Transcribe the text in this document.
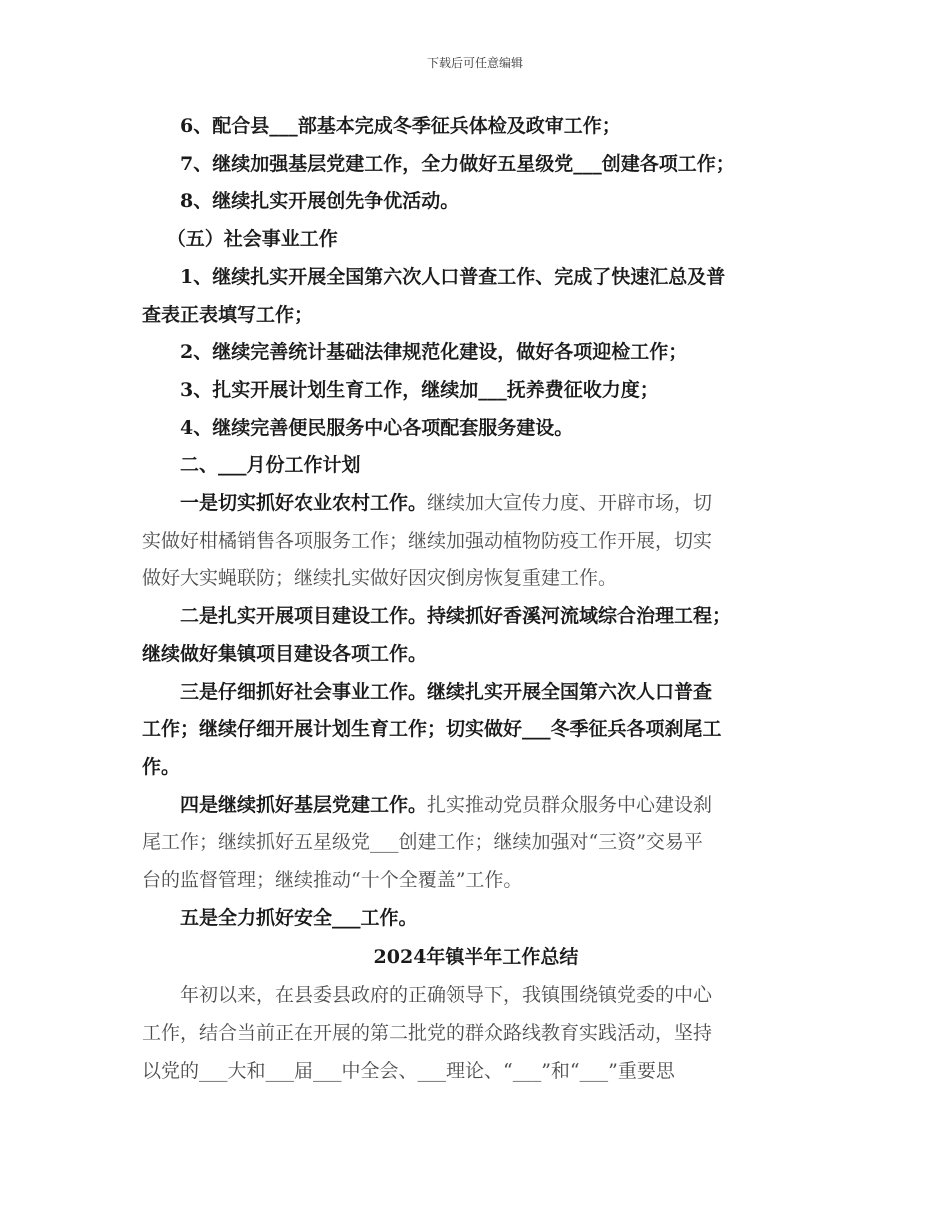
下载后可任意编辑

6、配合县___部基本完成冬季征兵体检及政审工作；

7、继续加强基层党建工作，全力做好五星级党___创建各项工作；

8、继续扎实开展创先争优活动。

（五）社会事业工作

1、继续扎实开展全国第六次人口普查工作、完成了快速汇总及普

查表正表填写工作；

2、继续完善统计基础法律规范化建设，做好各项迎检工作；

3、扎实开展计划生育工作，继续加___抚养费征收力度；

4、继续完善便民服务中心各项配套服务建设。

二、___月份工作计划

一是切实抓好农业农村工作。继续加大宣传力度、开辟市场，切

实做好柑橘销售各项服务工作；继续加强动植物防疫工作开展，切实

做好大实蝇联防；继续扎实做好因灾倒房恢复重建工作。

二是扎实开展项目建设工作。持续抓好香溪河流域综合治理工程；

继续做好集镇项目建设各项工作。

三是仔细抓好社会事业工作。继续扎实开展全国第六次人口普查

工作；继续仔细开展计划生育工作；切实做好___冬季征兵各项刹尾工

作。

四是继续抓好基层党建工作。扎实推动党员群众服务中心建设刹

尾工作；继续抓好五星级党___创建工作；继续加强对“三资”交易平

台的监督管理；继续推动“十个全覆盖”工作。

五是全力抓好安全___工作。

2024年镇半年工作总结

年初以来，在县委县政府的正确领导下，我镇围绕镇党委的中心

工作，结合当前正在开展的第二批党的群众路线教育实践活动，坚持

以党的___大和___届___中全会、___理论、“___”和“___”重要思
